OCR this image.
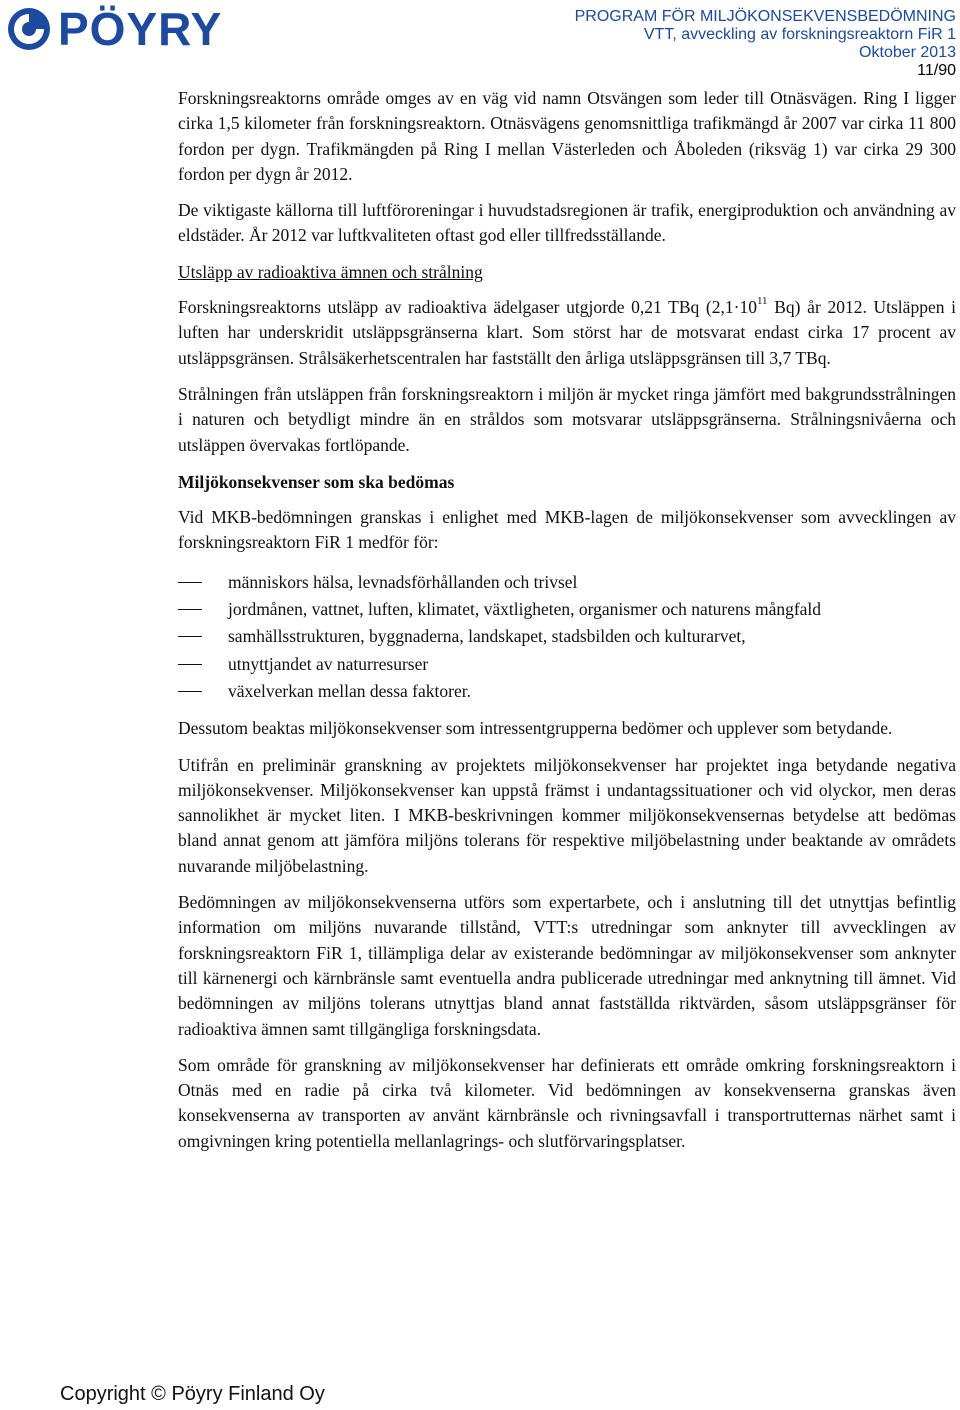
PÖYRY	PROGRAM FÖR MILJÖKONSEKVENSBEDÖMNING
VTT, avveckling av forskningsreaktorn FiR 1
Oktober 2013
11/90

Forskningsreaktorns område omges av en väg vid namn Otsvängen som leder till Otnäsvägen. Ring I ligger cirka 1,5 kilometer från forskningsreaktorn. Otnäsvägens genomsnittliga trafikmängd år 2007 var cirka 11 800 fordon per dygn. Trafikmängden på Ring I mellan Västerleden och Åboleden (riksväg 1) var cirka 29 300 fordon per dygn år 2012.

De viktigaste källorna till luftföroreningar i huvudstadsregionen är trafik, energiproduktion och användning av eldstäder. År 2012 var luftkvaliteten oftast god eller tillfredsställande.

Utsläpp av radioaktiva ämnen och strålning

Forskningsreaktorns utsläpp av radioaktiva ädelgaser utgjorde 0,21 TBq ($2,1\cdot 10^{11}$ Bq) år 2012. Utsläppen i luften har underskridit utsläppsgränserna klart. Som störst har de motsvarat endast cirka 17 procent av utsläppsgränsen. Strålsäkerhetscentralen har fastställt den årliga utsläppsgränsen till 3,7 TBq.

Strålningen från utsläppen från forskningsreaktorn i miljön är mycket ringa jämfört med bakgrundsstrålningen i naturen och betydligt mindre än en stråldos som motsvarar utsläppsgränserna. Strålningsnivåerna och utsläppen övervakas fortlöpande.

Miljökonsekvenser som ska bedömas

Vid MKB-bedömningen granskas i enlighet med MKB-lagen de miljökonsekvenser som avvecklingen av forskningsreaktorn FiR 1 medför för:

människors hälsa, levnadsförhållanden och trivsel
jordmånen, vattnet, luften, klimatet, växtligheten, organismer och naturens mångfald
samhällsstrukturen, byggnaderna, landskapet, stadsbilden och kulturarvet,
utnyttjandet av naturresurser
växelverkan mellan dessa faktorer.

Dessutom beaktas miljökonsekvenser som intressentgrupperna bedömer och upplever som betydande.

Utifrån en preliminär granskning av projektets miljökonsekvenser har projektet inga betydande negativa miljökonsekvenser. Miljökonsekvenser kan uppstå främst i undantagssituationer och vid olyckor, men deras sannolikhet är mycket liten. I MKB-beskrivningen kommer miljökonsekvensernas betydelse att bedömas bland annat genom att jämföra miljöns tolerans för respektive miljöbelastning under beaktande av områdets nuvarande miljöbelastning.

Bedömningen av miljökonsekvenserna utförs som expertarbete, och i anslutning till det utnyttjas befintlig information om miljöns nuvarande tillstånd, VTT:s utredningar som anknyter till avvecklingen av forskningsreaktorn FiR 1, tillämpliga delar av existerande bedömningar av miljökonsekvenser som anknyter till kärnenergi och kärnbränsle samt eventuella andra publicerade utredningar med anknytning till ämnet. Vid bedömningen av miljöns tolerans utnyttjas bland annat fastställda riktvärden, såsom utsläppsgränser för radioaktiva ämnen samt tillgängliga forskningsdata.

Som område för granskning av miljökonsekvenser har definierats ett område omkring forskningsreaktorn i Otnäs med en radie på cirka två kilometer. Vid bedömningen av konsekvenserna granskas även konsekvenserna av transporten av använt kärnbränsle och rivningsavfall i transportrutternas närhet samt i omgivningen kring potentiella mellanlagrings- och slutförvaringsplatser.

Copyright © Pöyry Finland Oy
